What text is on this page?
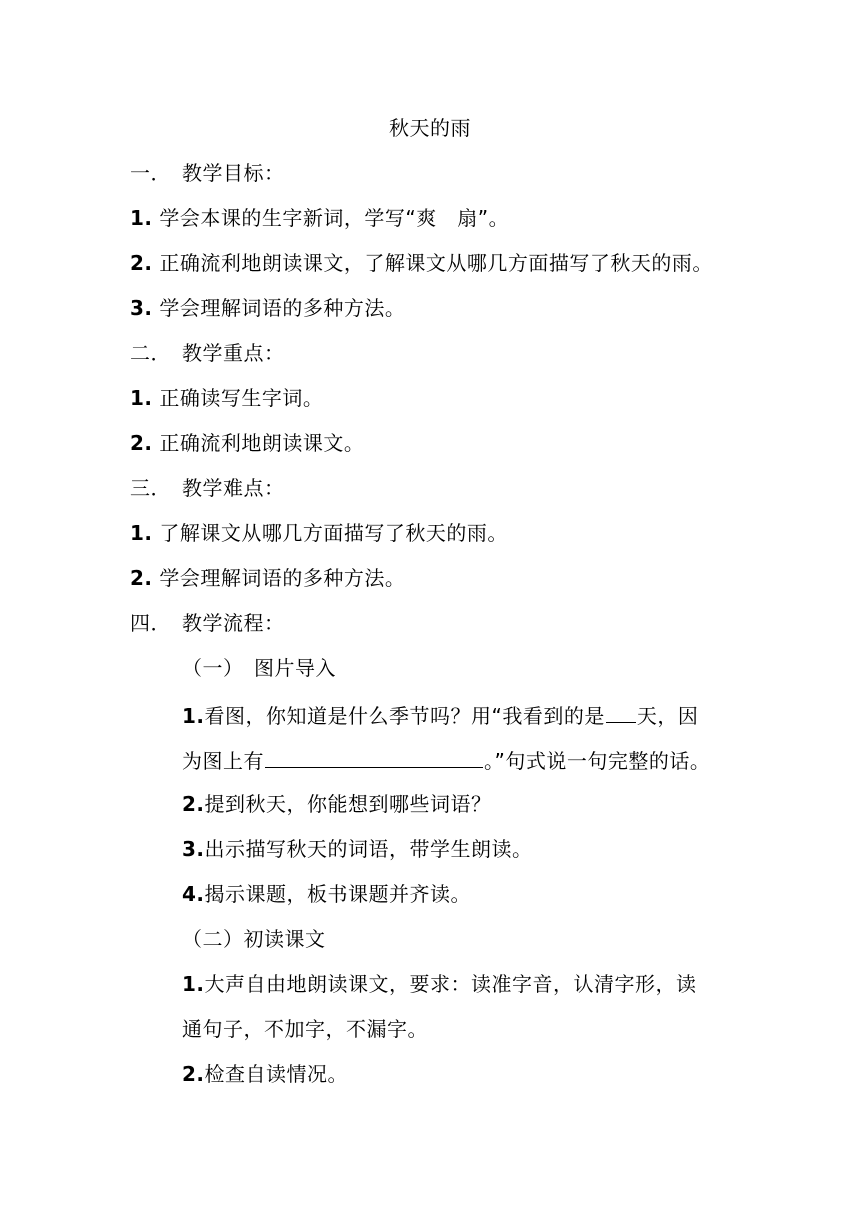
秋天的雨
一． 教学目标：
1. 学会本课的生字新词，学写“爽　扇”。
2. 正确流利地朗读课文，了解课文从哪几方面描写了秋天的雨。
3. 学会理解词语的多种方法。
二． 教学重点：
1. 正确读写生字词。
2. 正确流利地朗读课文。
三． 教学难点：
1. 了解课文从哪几方面描写了秋天的雨。
2. 学会理解词语的多种方法。
四． 教学流程：
（一）　图片导入
1.看图，你知道是什么季节吗？用“我看到的是 天，因
为图上有	。”句式说一句完整的话。
2.提到秋天，你能想到哪些词语？
3.出示描写秋天的词语，带学生朗读。
4.揭示课题，板书课题并齐读。
（二）初读课文
1.大声自由地朗读课文，要求：读准字音，认清字形，读
通句子，不加字，不漏字。
2.检查自读情况。
